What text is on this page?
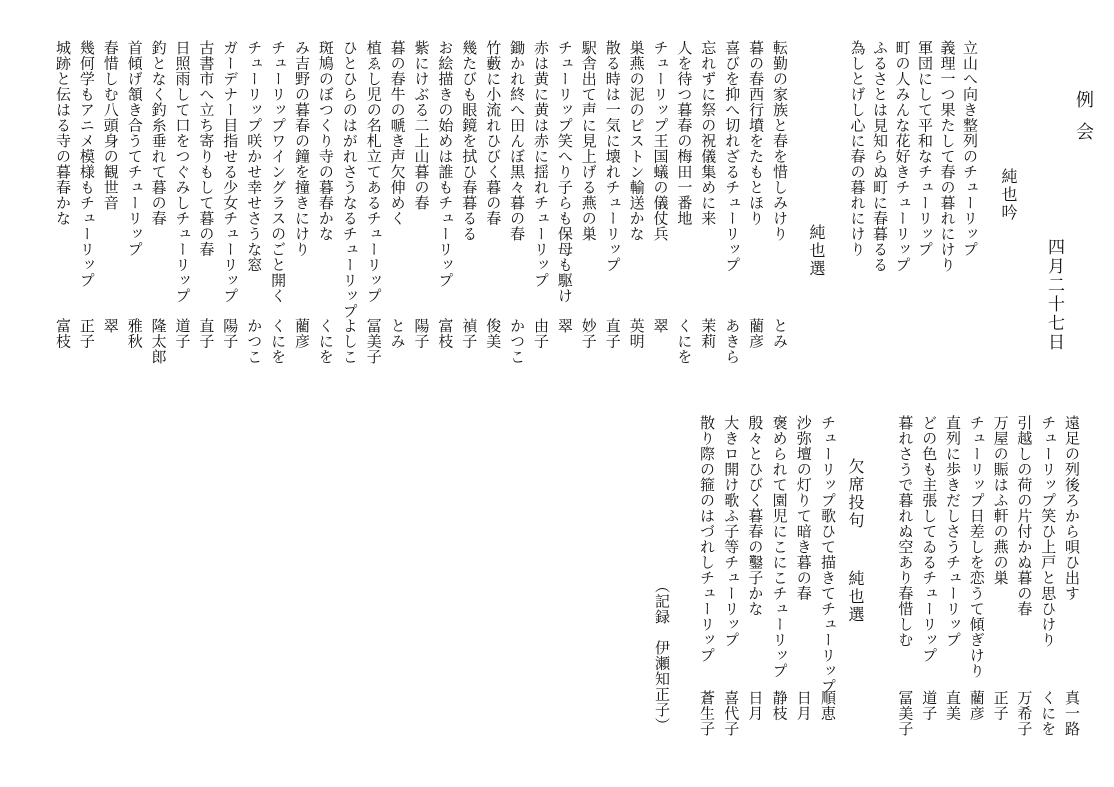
例会
四月二十七日
純也吟
立山へ向き整列のチューリップ
義理一つ果たして春の暮れにけり
軍団にして平和なチューリップ
町の人みんな花好きチューリップ
ふるさとは見知らぬ町に春暮るる
為しとげし心に春の暮れにけり
純也選
転勤の家族と春を惜しみけり
とみ
暮の春西行墳をたもとほり
藺彦
喜びを抑へ切れざるチューリップ
あきら
忘れずに祭の祝儀集めに来
茉莉
人を待つ暮春の梅田一番地
くにを
チューリップ王国蟻の儀仗兵
翠
巣燕の泥のピストン輸送かな
英明
散る時は一気に壊れチューリップ
直子
駅舎出て声に見上げる燕の巣
妙子
チューリップ笑へり子らも保母も駆け
翠
赤は黄に黄は赤に揺れチューリップ
由子
鋤かれ終へ田んぼ黒々暮の春
かつこ
竹藪に小流れひびく暮の春
俊美
幾たびも眼鏡を拭ひ春暮るる
禎子
お絵描きの始めは誰もチューリップ
富枝
紫にけぶる二上山暮の春
陽子
暮の春牛の嗁き声欠伸めく
とみ
植ゑし児の名札立てあるチューリップ
冨美子
ひとひらのはがれさうなるチューリップ
よしこ
斑鳩のぼつくり寺の暮春かな
くにを
み吉野の暮春の鐘を撞きにけり
藺彦
チューリップワイングラスのごと開く
くにを
チューリップ咲かせ幸せさうな窓
かつこ
ガーデナー目指せる少女チューリップ
陽子
古書市へ立ち寄りもして暮の春
直子
日照雨して口をつぐみしチューリップ
道子
釣となく釣糸垂れて暮の春
隆太郎
首傾げ頷き合うてチューリップ
雅秋
春惜しむ八頭身の観世音
翠
幾何学もアニメ模様もチューリップ
正子
城跡と伝はる寺の暮春かな
富枝
遠足の列後ろから唄ひ出す
真一路
チューリップ笑ひ上戸と思ひけり
くにを
引越しの荷の片付かぬ暮の春
万希子
万屋の賑はふ軒の燕の巣
正子
チューリップ日差しを恋うて傾ぎけり
藺彦
直列に歩きだしさうチューリップ
直美
どの色も主張してゐるチューリップ
道子
暮れさうで暮れぬ空あり春惜しむ
冨美子
欠席投句
純也選
チューリップ歌ひて描きてチューリップ
順恵
沙弥壇の灯りて暗き暮の春
日月
褒められて園児にこにこチューリップ
静枝
殷々とひびく暮春の鑿子かな
日月
大きロ開け歌ふ子等チューリップ
喜代子
散り際の箍のはづれしチューリップ
蒼生子
（記録　伊瀬知正子）
